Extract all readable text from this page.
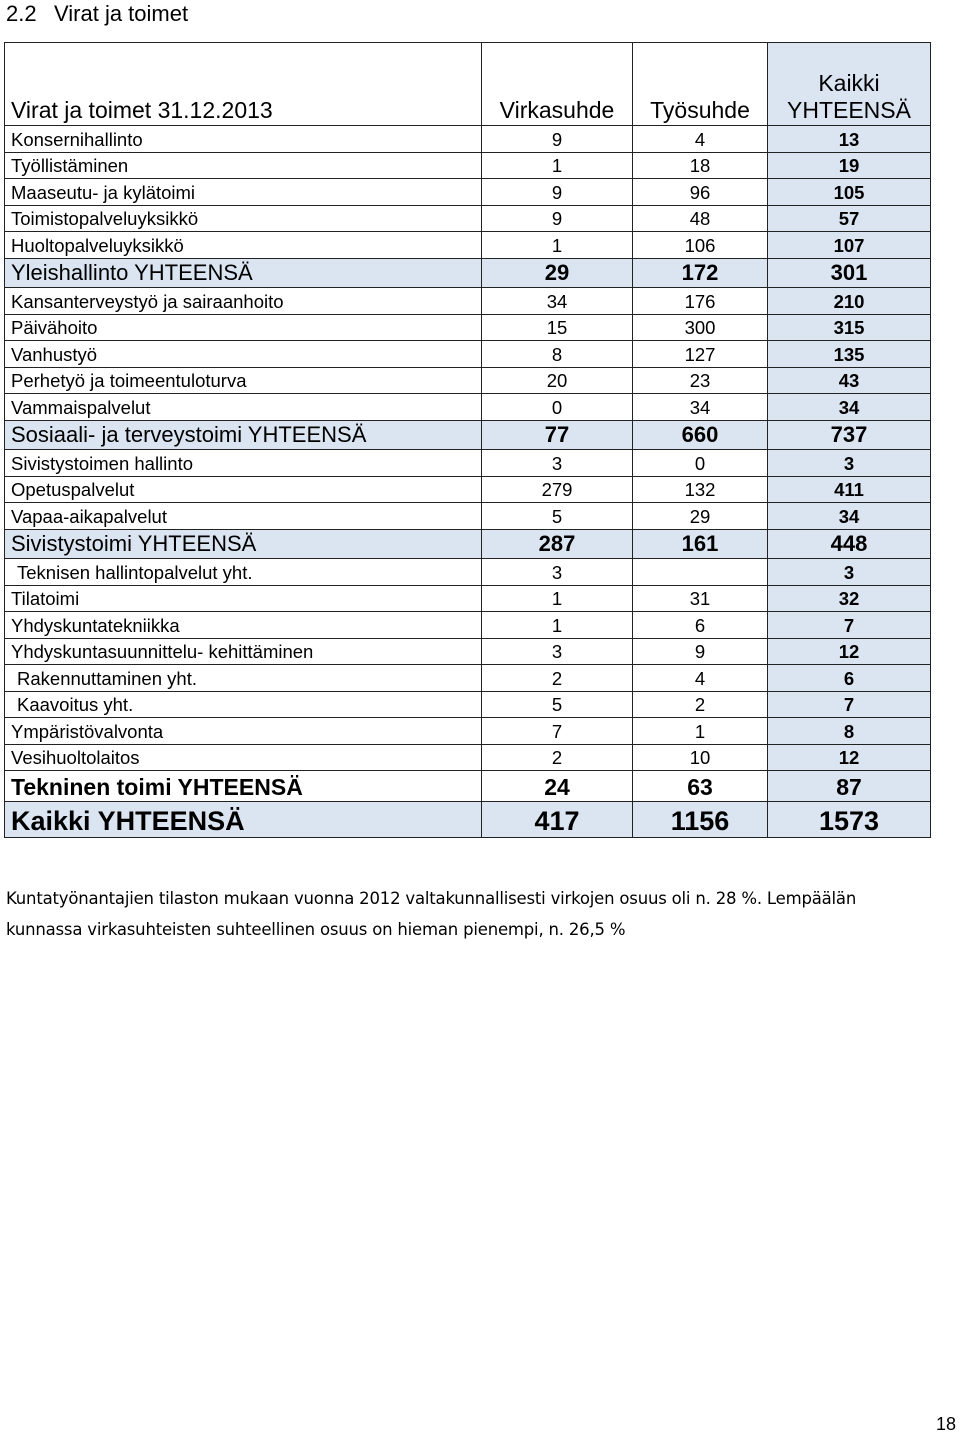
2.2 Virat ja toimet
Virat ja toimet 31.12.2013	Virkasuhde	Työsuhde	Kaikki
YHTEENSÄ

Konsernihallinto	9	4	13
Työllistäminen	1	18	19
Maaseutu- ja kylätoimi	9	96	105
Toimistopalveluyksikkö	9	48	57
Huoltopalveluyksikkö	1	106	107
Yleishallinto YHTEENSÄ	29	172	301
Kansanterveystyö ja sairaanhoito	34	176	210
Päivähoito	15	300	315
Vanhustyö	8	127	135
Perhetyö ja toimeentuloturva	20	23	43
Vammaispalvelut	0	34	34
Sosiaali- ja terveystoimi YHTEENSÄ	77	660	737
Sivistystoimen hallinto	3	0	3
Opetuspalvelut	279	132	411
Vapaa-aikapalvelut	5	29	34
Sivistystoimi YHTEENSÄ	287	161	448
Teknisen hallintopalvelut yht.	3		3
Tilatoimi	1	31	32
Yhdyskuntatekniikka	1	6	7
Yhdyskuntasuunnittelu- kehittäminen	3	9	12
Rakennuttaminen yht.	2	4	6
Kaavoitus yht.	5	2	7
Ympäristövalvonta	7	1	8
Vesihuoltolaitos	2	10	12
Tekninen toimi YHTEENSÄ	24	63	87
Kaikki YHTEENSÄ	417	1156	1573
Kuntatyönantajien tilaston mukaan vuonna 2012 valtakunnallisesti virkojen osuus oli n. 28 %. Lempäälän
kunnassa virkasuhteisten suhteellinen osuus on hieman pienempi, n. 26,5 %
18
